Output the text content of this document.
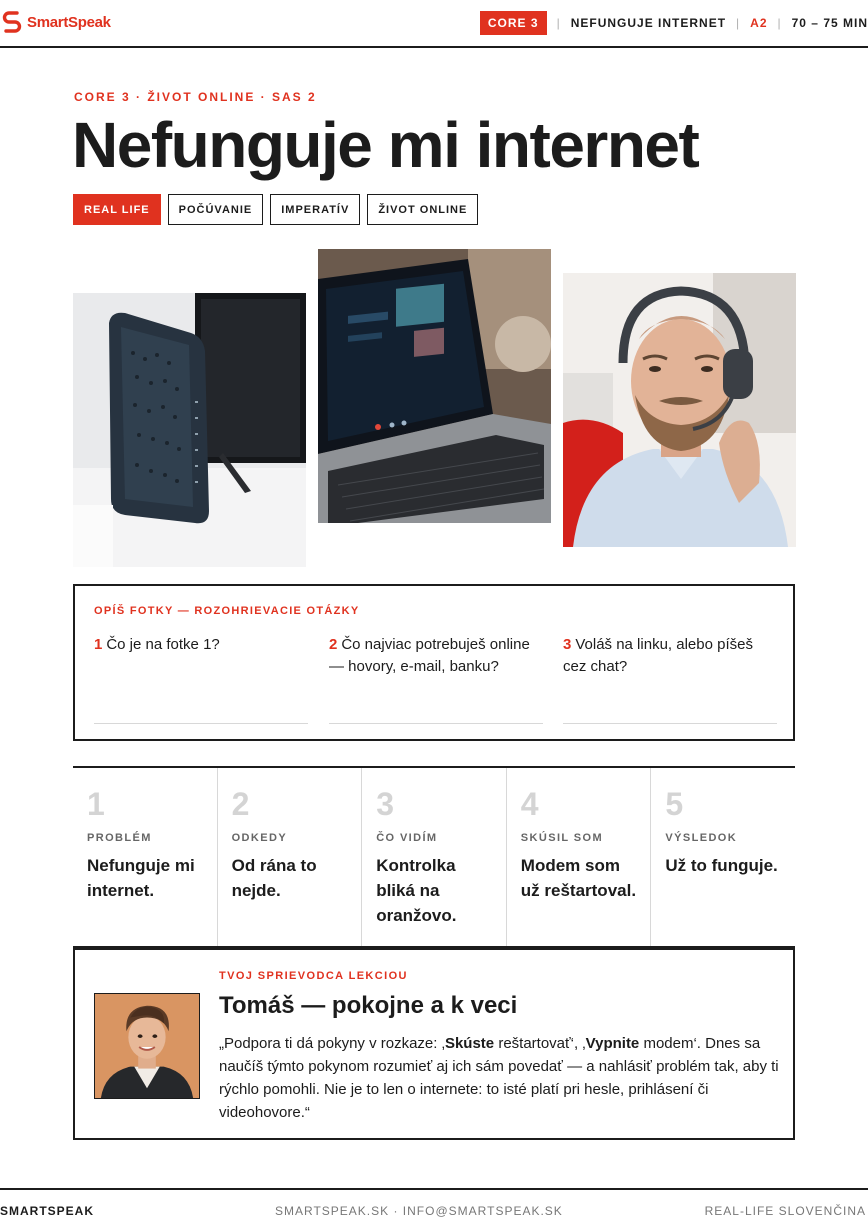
SmartSpeak	CORE 3	| NEFUNGUJE INTERNET | A2 | 70 – 75 MIN
CORE 3 · ŽIVOT ONLINE · SAS 2
Nefunguje mi internet
REAL LIFE	POČÚVANIE	IMPERATÍV	ŽIVOT ONLINE
OPÍŠ FOTKY — ROZOHRIEVACIE OTÁZKY
1 Čo je na fotke 1?	2 Čo najviac potrebuješ online — hovory, e-mail, banku?
3 Voláš na linku, alebo píšeš cez chat?
1
PROBLÉM
Nefunguje mi internet.
2
ODKEDY
Od rána to nejde.
3
ČO VIDÍM
Kontrolka bliká na oranžovo.
4
SKÚSIL SOM
Modem som už reštartoval.
5
VÝSLEDOK
Už to funguje.
TVOJ SPRIEVODCA LEKCIOU
Tomáš — pokojne a k veci

„Podpora ti dá pokyny v rozkaze: ‚Skúste reštartovať‘, ‚Vypnite modem‘. Dnes sa naučíš týmto pokynom rozumieť aj ich sám povedať — a nahlásiť problém tak, aby ti rýchlo pomohli. Nie je to len o internete: to isté platí pri hesle, prihlásení či videohovore.“

SMARTSPEAK	SMARTSPEAK.SK · INFO@SMARTSPEAK.SK	REAL-LIFE SLOVENČINA
